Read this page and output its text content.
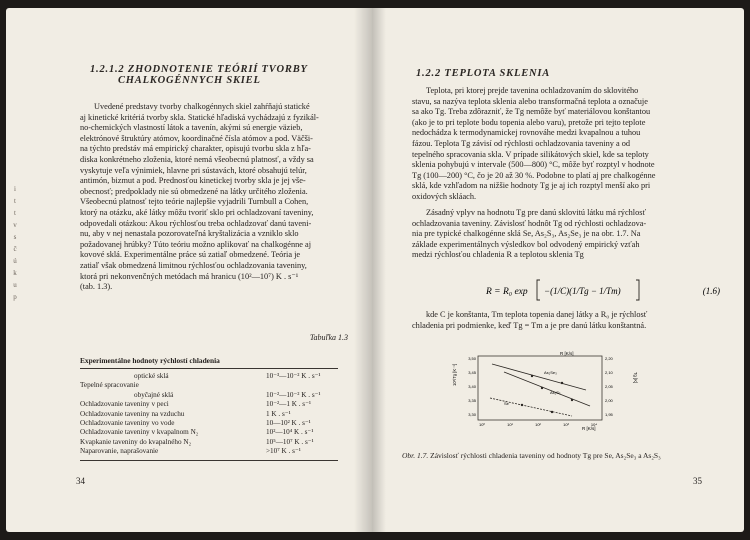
i
t
t
v
s
č
ú
k
u
p
1.2.1.2 ZHODNOTENIE TEÓRIÍ TVORBY
CHALKOGÉNNYCH SKIEL
Uvedené predstavy tvorby chalkogénnych skiel zahŕňajú statické
aj kinetické kritériá tvorby skla. Statické hľadiská vychádzajú z fyzikál-
no-chemických vlastností látok a tavenín, akými sú energie väzieb,
elektrónové štruktúry atómov, koordinačné čísla atómov a pod. Väčši-
na týchto predstáv má empirický charakter, opisujú tvorbu skla z hľa-
diska konkrétneho zloženia, ktoré nemá všeobecnú platnosť, a vždy sa
vyskytuje veľa výnimiek, hlavne pri sústavách, ktoré obsahujú telúr,
antimón, bizmut a pod. Prednosťou kinetickej tvorby skla je jej vše-
obecnosť; predpoklady nie sú obmedzené na látky určitého zloženia.
Všeobecnú platnosť tejto teórie najlepšie vyjadrili Turnbull a Cohen,
ktorý na otázku, aké látky môžu tvoriť sklo pri ochladzovaní taveniny,
odpovedali otázkou: Akou rýchlosťou treba ochladzovať danú taveni-
nu, aby v nej nenastala pozorovateľná kryštalizácia a vzniklo sklo
požadovanej hrúbky? Túto teóriu možno aplikovať na chalkogénne aj
kovové sklá. Experimentálne práce sú zatiaľ obmedzené. Teória je
zatiaľ však obmedzená limitnou rýchlosťou ochladzovania taveniny,
ktorá pri nekonvenčných metódach má hranicu (10²—10⁷) K . s⁻¹
(tab. 1.3).
Tabuľka 1.3
Experimentálne hodnoty rýchlostí chladenia
optické sklá	10⁻³—10⁻² K . s⁻¹
Tepelné spracovanie
obyčajné sklá	10⁻²—10⁻² K . s⁻¹
Ochladzovanie taveniny v peci	10⁻²—1 K . s⁻¹
Ochladzovanie taveniny na vzduchu	1 K . s⁻¹
Ochladzovanie taveniny vo vode	10—10² K . s⁻¹
Ochladzovanie taveniny v kvapalnom N₂	10²—10⁴ K . s⁻¹
Kvapkanie taveniny do kvapalného N₂	10⁵—10⁷ K . s⁻¹
Naparovanie, naprašovanie	>10⁷ K . s⁻¹
34
1.2.2 TEPLOTA SKLENIA
Teplota, pri ktorej prejde tavenina ochladzovaním do sklovitého
stavu, sa nazýva teplota sklenia alebo transformačná teplota a označuje
sa ako Tg. Treba zdôrazniť, že Tg nemôže byť materiálovou konštantou
(ako je to pri teplote bodu topenia alebo varu), pretože pri tejto teplote
nedochádza k termodynamickej rovnováhe medzi kvapalnou a tuhou
fázou. Teplota Tg závisí od rýchlosti ochladzovania taveniny a od
tepelného spracovania skla. V prípade silikátových skiel, kde sa teploty
sklenia pohybujú v intervale (500—800) °C, môže byť rozptyl v hodnote
Tg (100—200) °C, čo je 20 až 30 %. Podobne to platí aj pre chalkogénne
sklá, kde vzhľadom na nižšie hodnoty Tg je aj ich rozptyl menší ako pri
oxidových skláach.
Zásadný vplyv na hodnotu Tg pre danú sklovitú látku má rýchlosť
ochladzovania taveniny. Závislosť hodnôt Tg od rýchlosti ochladzova-
nia pre typické chalkogénne sklá Se, As₂S₃, As₂Se₃ je na obr. 1.7. Na
základe experimentálnych výsledkov bol odvodený empirický vzťah
medzi rýchlosťou chladenia R a teplotou sklenia Tg
R = R₀ exp −(1/C)(1/Tg − 1/Tm)	(1.6)
kde C je konštanta, Tm teplota topenia danej látky a R₀ je rýchlosť
chladenia pri podmienke, keď Tg = Tm a je pre danú látku konštantná.
R [K/s]
10³/Tg [K⁻¹]	Tg [K]
3,50
3,45
3,40
3,35
3,30
2,20
2,10
2,05
2,00
1,95
10⁰	10¹	10²	10³	10⁴
As₂Se₃
As₂S₃
Se
R [K/s]
Obr. 1.7. Závislosť rýchlosti chladenia taveniny od hodnoty Tg pre Se, As₂Se₃ a As₂S₃
35
